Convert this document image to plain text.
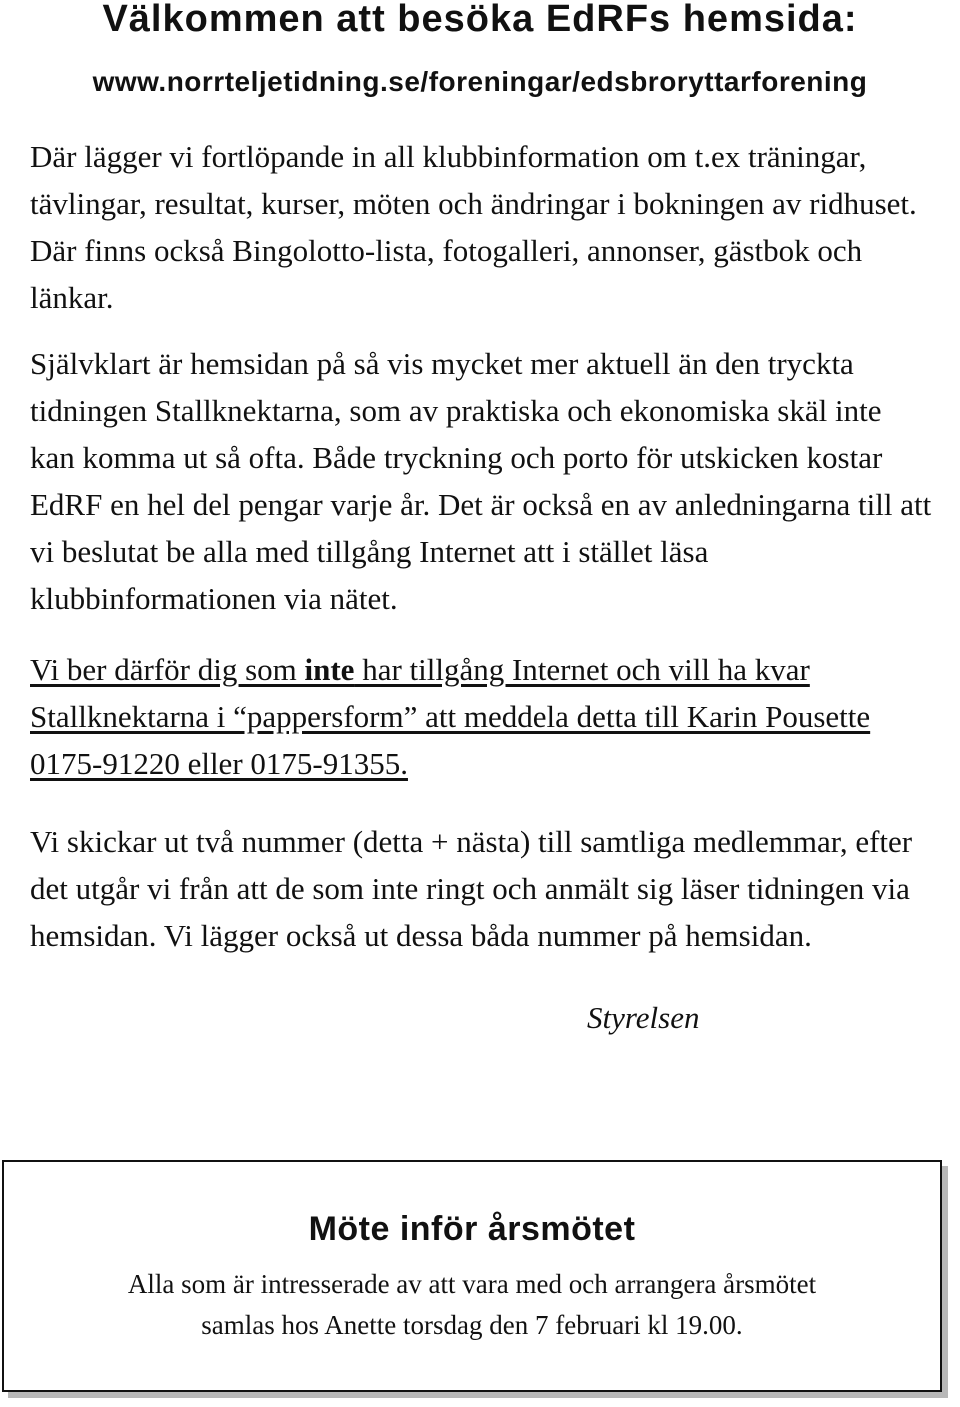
Välkommen att besöka EdRFs hemsida:
www.norrteljetidning.se/foreningar/edsbroryttarforening

Där lägger vi fortlöpande in all klubbinformation om t.ex träningar, tävlingar, resultat, kurser, möten och ändringar i bokningen av ridhuset. Där finns också Bingolotto-lista, fotogalleri, annonser, gästbok och länkar.

Självklart är hemsidan på så vis mycket mer aktuell än den tryckta tidningen Stallknektarna, som av praktiska och ekonomiska skäl inte kan komma ut så ofta. Både tryckning och porto för utskicken kostar EdRF en hel del pengar varje år. Det är också en av anledningarna till att vi beslutat be alla med tillgång Internet att i stället läsa klubbinformationen via nätet.

Vi ber därför dig som inte har tillgång Internet och vill ha kvar Stallknektarna i “pappersform” att meddela detta till Karin Pousette 0175-91220 eller 0175-91355.

Vi skickar ut två nummer (detta + nästa) till samtliga medlemmar, efter det utgår vi från att de som inte ringt och anmält sig läser tidningen via hemsidan. Vi lägger också ut dessa båda nummer på hemsidan.

Styrelsen

Möte inför årsmötet

Alla som är intresserade av att vara med och arrangera årsmötet
samlas hos Anette torsdag den 7 februari kl 19.00.
